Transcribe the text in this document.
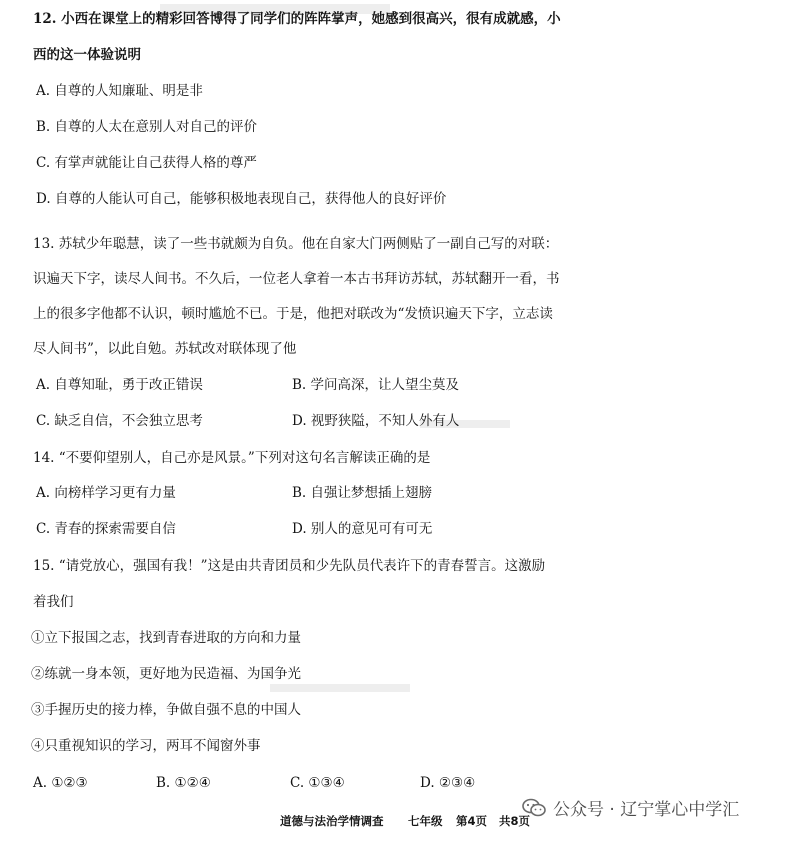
12. 小西在课堂上的精彩回答博得了同学们的阵阵掌声，她感到很高兴，很有成就感，小
西的这一体验说明
A. 自尊的人知廉耻、明是非
B. 自尊的人太在意别人对自己的评价
C. 有掌声就能让自己获得人格的尊严
D. 自尊的人能认可自己，能够积极地表现自己，获得他人的良好评价
13. 苏轼少年聪慧，读了一些书就颇为自负。他在自家大门两侧贴了一副自己写的对联：
识遍天下字，读尽人间书。不久后，一位老人拿着一本古书拜访苏轼，苏轼翻开一看，书
上的很多字他都不认识，顿时尴尬不已。于是，他把对联改为“发愤识遍天下字，立志读
尽人间书”，以此自勉。苏轼改对联体现了他
A. 自尊知耻，勇于改正错误	B. 学问高深，让人望尘莫及
C. 缺乏自信，不会独立思考	D. 视野狭隘，不知人外有人
14. “不要仰望别人，自己亦是风景。”下列对这句名言解读正确的是
A. 向榜样学习更有力量	B. 自强让梦想插上翅膀
C. 青春的探索需要自信	D. 别人的意见可有可无
15. “请党放心，强国有我！”这是由共青团员和少先队员代表许下的青春誓言。这激励
着我们
①立下报国之志，找到青春进取的方向和力量
②练就一身本领，更好地为民造福、为国争光
③手握历史的接力棒，争做自强不息的中国人
④只重视知识的学习，两耳不闻窗外事
A. ①②③	B. ①②④	C. ①③④	D. ②③④
道德与法治学情调查 七年级 第4页 共8页
公众号 · 辽宁掌心中学汇
